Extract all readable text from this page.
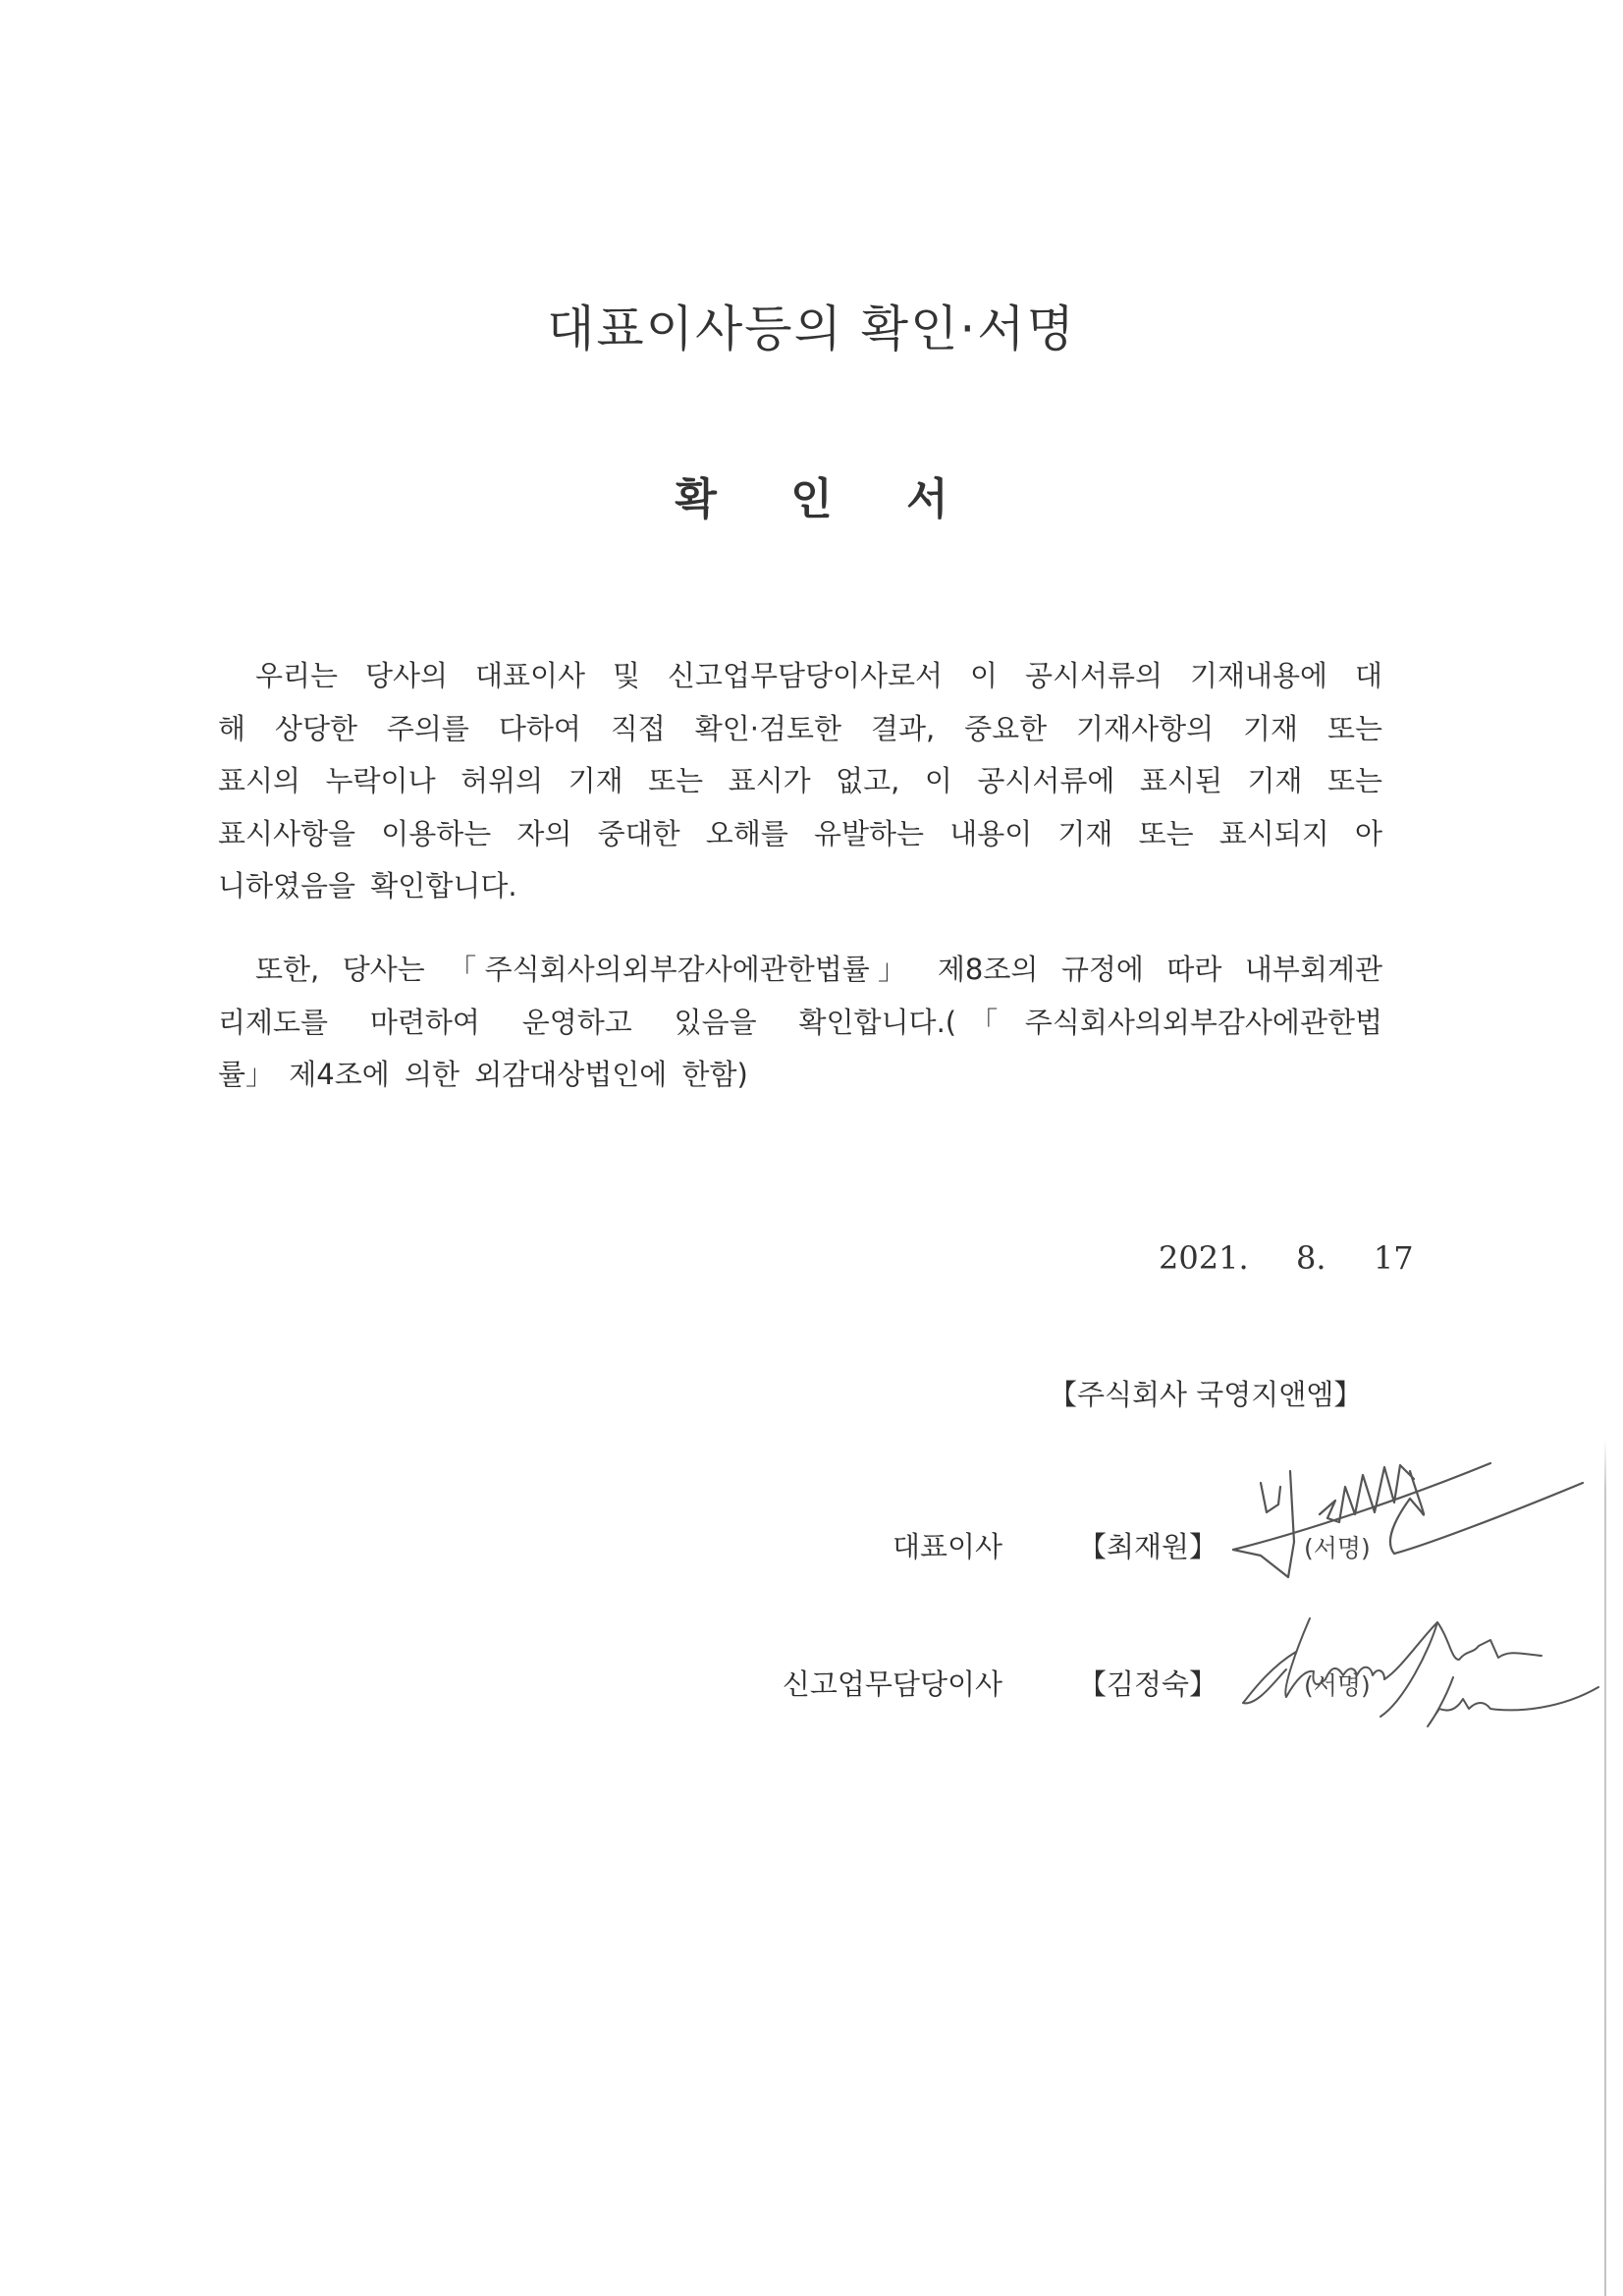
대표이사등의 확인·서명
확 인 서
우리는 당사의 대표이사 및 신고업무담당이사로서 이 공시서류의 기재내용에 대
해 상당한 주의를 다하여 직접 확인·검토한 결과, 중요한 기재사항의 기재 또는
표시의 누락이나 허위의 기재 또는 표시가 없고, 이 공시서류에 표시된 기재 또는
표시사항을 이용하는 자의 중대한 오해를 유발하는 내용이 기재 또는 표시되지 아
니하였음을 확인합니다.
또한, 당사는 「주식회사의외부감사에관한법률」 제8조의 규정에 따라 내부회계관
리제도를 마련하여 운영하고 있음을 확인합니다.(「주식회사의외부감사에관한법
률」 제4조에 의한 외감대상법인에 한함)
2021.  8.  17
【주식회사 국영지앤엠】
대표이사	【최재원】	(서명)
신고업무담당이사	【김정숙】	(서명)
